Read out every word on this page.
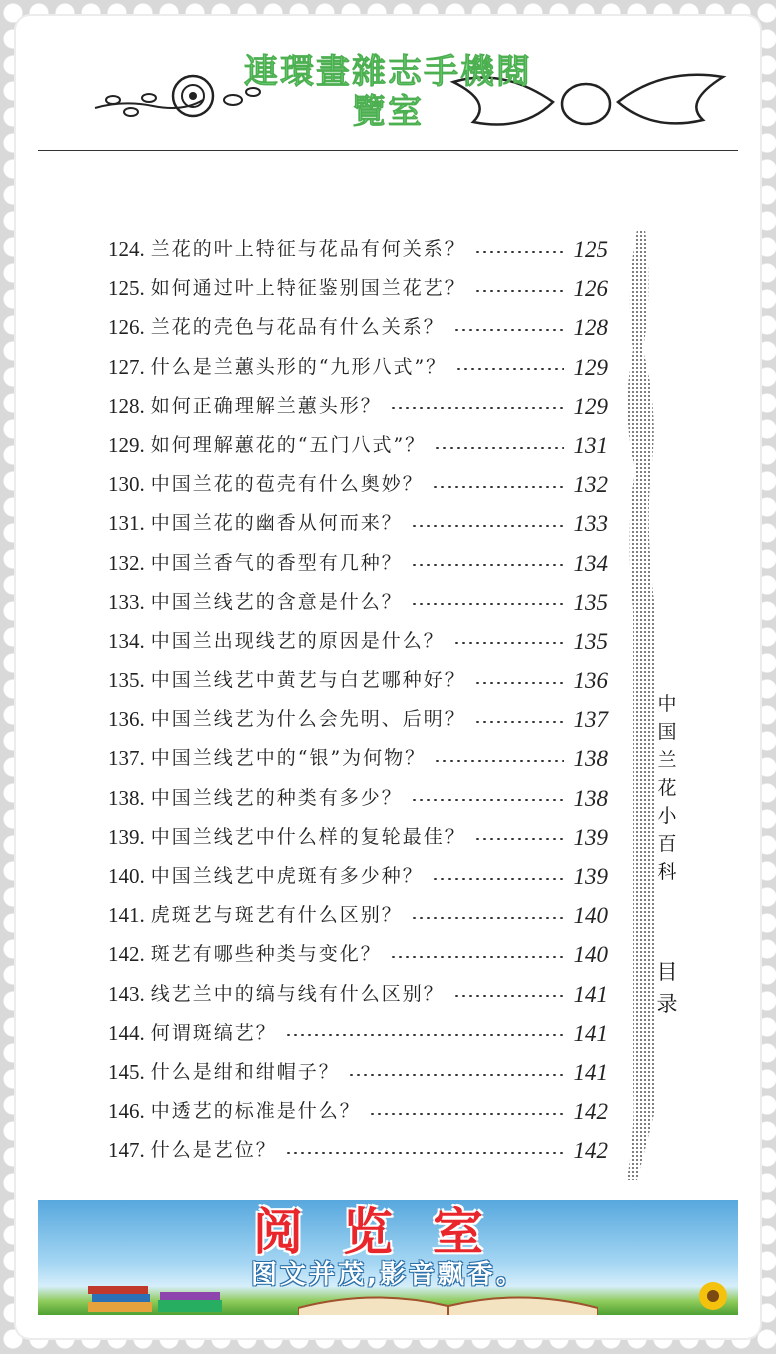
連環畫雜志手機閱
覽室
124. 兰花的叶上特征与花品有何关系？	125
125. 如何通过叶上特征鉴别国兰花艺？	126
126. 兰花的壳色与花品有什么关系？	128
127. 什么是兰蕙头形的“九形八式”？	129
128. 如何正确理解兰蕙头形？	129
129. 如何理解蕙花的“五门八式”？	131
130. 中国兰花的苞壳有什么奥妙？	132
131. 中国兰花的幽香从何而来？	133
132. 中国兰香气的香型有几种？	134
133. 中国兰线艺的含意是什么？	135
134. 中国兰出现线艺的原因是什么？	135
135. 中国兰线艺中黄艺与白艺哪种好？	136
136. 中国兰线艺为什么会先明、后明？	137
137. 中国兰线艺中的“银”为何物？	138
138. 中国兰线艺的种类有多少？	138
139. 中国兰线艺中什么样的复轮最佳？	139
140. 中国兰线艺中虎斑有多少种？	139
141. 虎斑艺与斑艺有什么区别？	140
142. 斑艺有哪些种类与变化？	140
143. 线艺兰中的缟与线有什么区别？	141
144. 何谓斑缟艺？	141
145. 什么是绀和绀帽子？	141
146. 中透艺的标准是什么？	142
147. 什么是艺位？	142
中国兰花小百科
目录
阅览室
图文并茂,影音飘香。
